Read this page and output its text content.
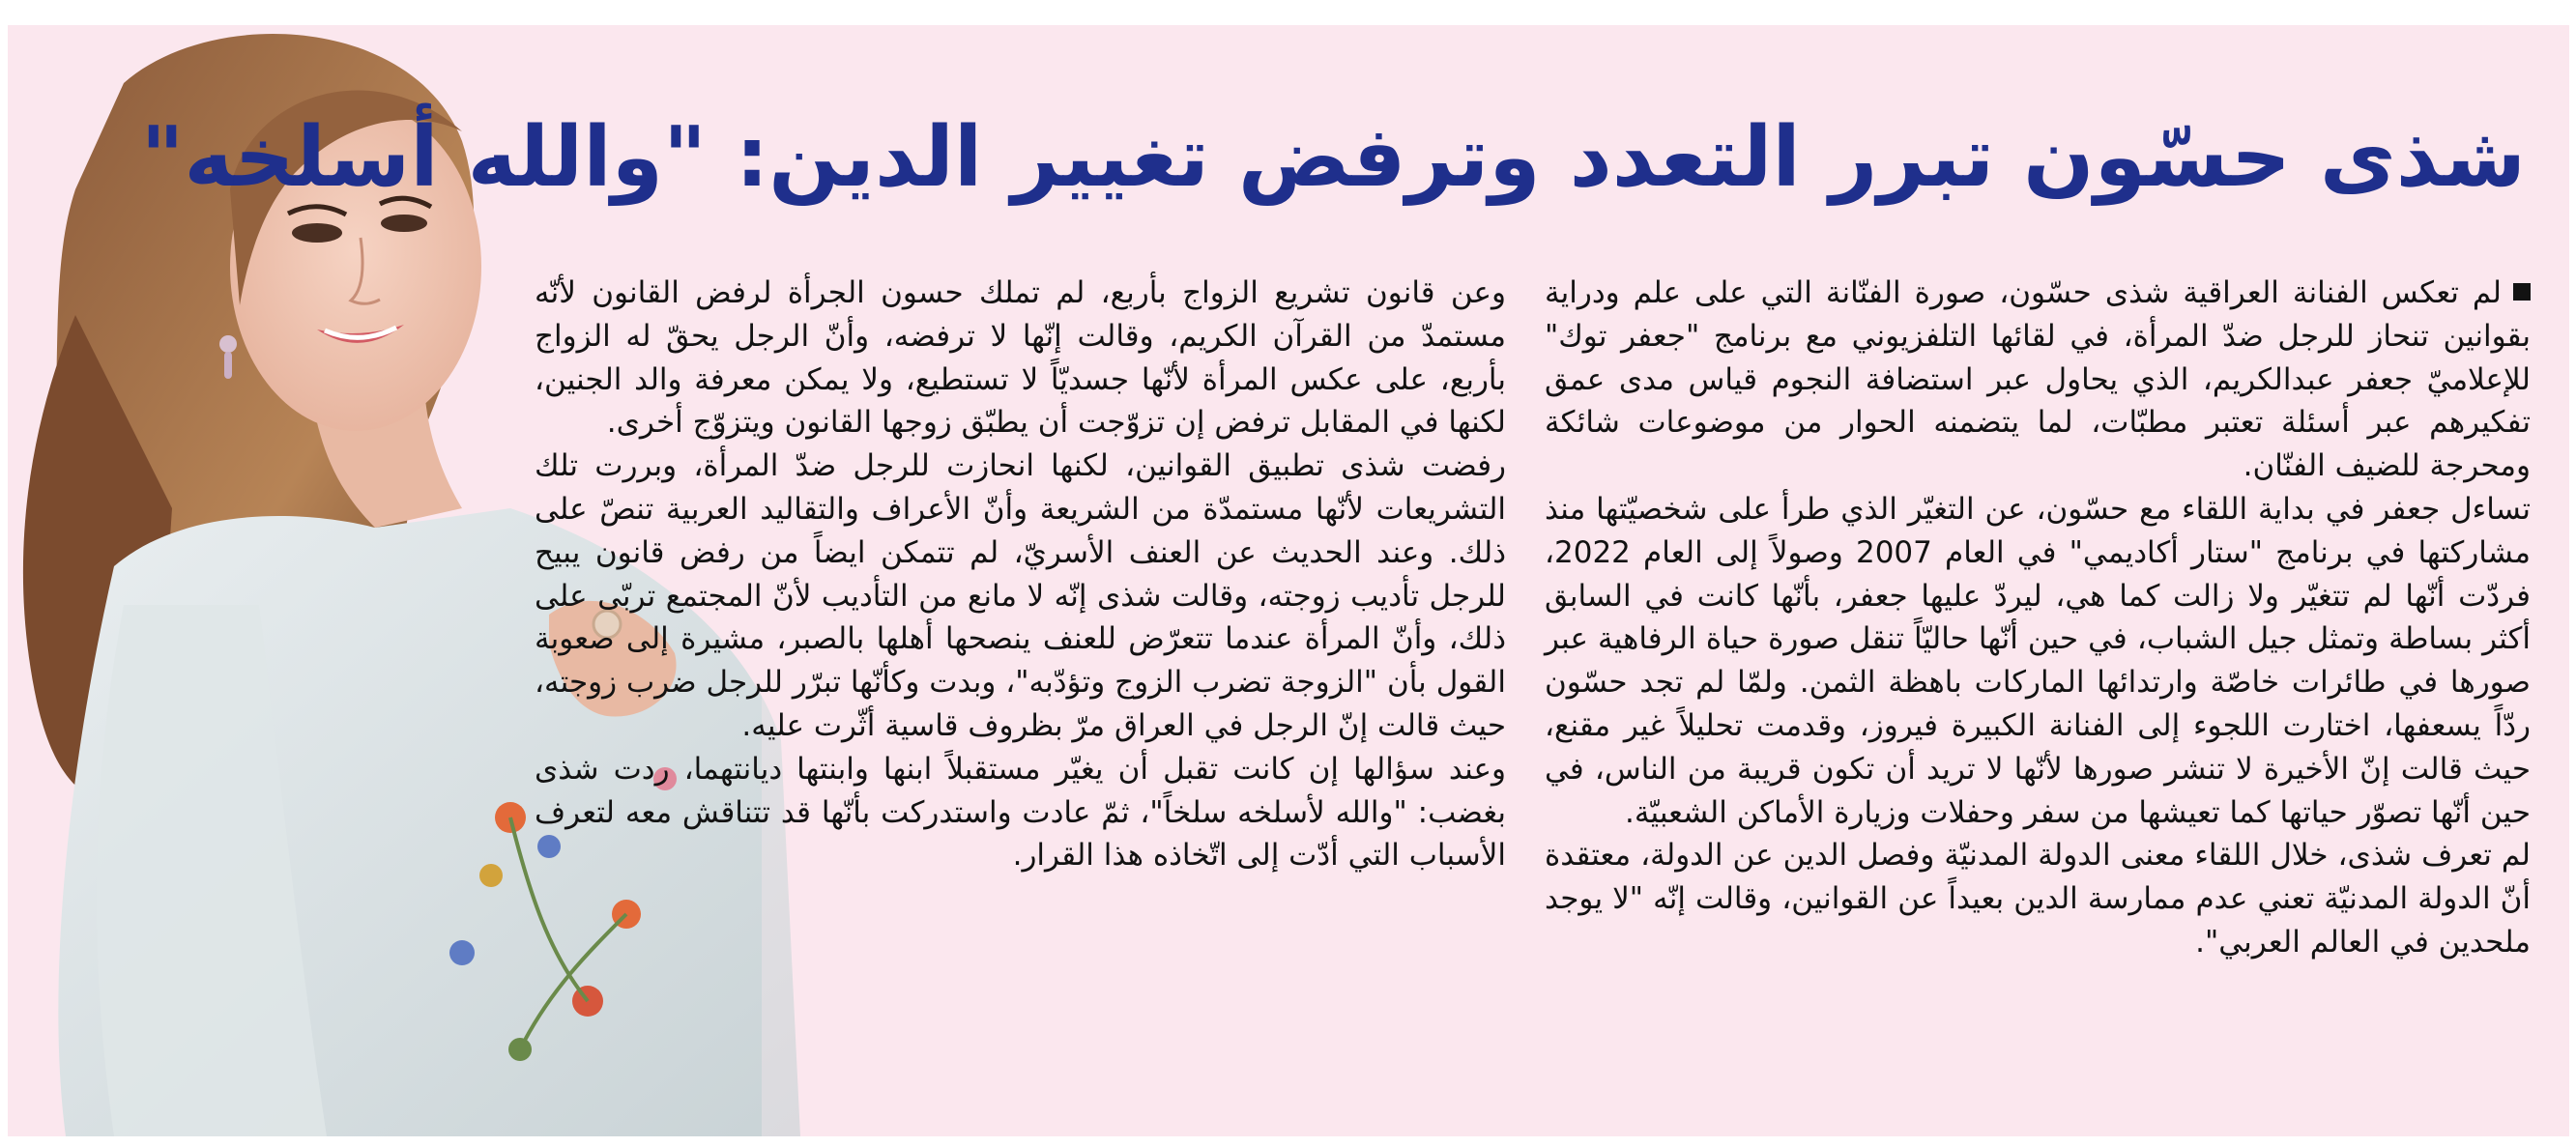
شذى حسّون تبرر التعدد وترفض تغيير الدين: "والله أسلخه"

لم تعكس الفنانة العراقية شذى حسّون، صورة الفنّانة التي على علم ودراية بقوانين تنحاز للرجل ضدّ المرأة، في لقائها التلفزيوني مع برنامج "جعفر توك" للإعلاميّ جعفر عبدالكريم، الذي يحاول عبر استضافة النجوم قياس مدى عمق تفكيرهم عبر أسئلة تعتبر مطبّات، لما يتضمنه الحوار من موضوعات شائكة ومحرجة للضيف الفنّان.

تساءل جعفر في بداية اللقاء مع حسّون، عن التغيّر الذي طرأ على شخصيّتها منذ مشاركتها في برنامج "ستار أكاديمي" في العام 2007 وصولاً إلى العام 2022، فردّت أنّها لم تتغيّر ولا زالت كما هي، ليردّ عليها جعفر، بأنّها كانت في السابق أكثر بساطة وتمثل جيل الشباب، في حين أنّها حاليّاً تنقل صورة حياة الرفاهية عبر صورها في طائرات خاصّة وارتدائها الماركات باهظة الثمن. ولمّا لم تجد حسّون ردّاً يسعفها، اختارت اللجوء إلى الفنانة الكبيرة فيروز، وقدمت تحليلاً غير مقنع، حيث قالت إنّ الأخيرة لا تنشر صورها لأنّها لا تريد أن تكون قريبة من الناس، في حين أنّها تصوّر حياتها كما تعيشها من سفر وحفلات وزيارة الأماكن الشعبيّة.

لم تعرف شذى، خلال اللقاء معنى الدولة المدنيّة وفصل الدين عن الدولة، معتقدة أنّ الدولة المدنيّة تعني عدم ممارسة الدين بعيداً عن القوانين، وقالت إنّه "لا يوجد ملحدين في العالم العربي".

وعن قانون تشريع الزواج بأربع، لم تملك حسون الجرأة لرفض القانون لأنّه مستمدّ من القرآن الكريم، وقالت إنّها لا ترفضه، وأنّ الرجل يحقّ له الزواج بأربع، على عكس المرأة لأنّها جسديّاً لا تستطيع، ولا يمكن معرفة والد الجنين، لكنها في المقابل ترفض إن تزوّجت أن يطبّق زوجها القانون ويتزوّج أخرى.

رفضت شذى تطبيق القوانين، لكنها انحازت للرجل ضدّ المرأة، وبررت تلك التشريعات لأنّها مستمدّة من الشريعة وأنّ الأعراف والتقاليد العربية تنصّ على ذلك. وعند الحديث عن العنف الأسريّ، لم تتمكن ايضاً من رفض قانون يبيح للرجل تأديب زوجته، وقالت شذى إنّه لا مانع من التأديب لأنّ المجتمع تربّى على ذلك، وأنّ المرأة عندما تتعرّض للعنف ينصحها أهلها بالصبر، مشيرة إلى صعوبة القول بأن "الزوجة تضرب الزوج وتؤدّبه"، وبدت وكأنّها تبرّر للرجل ضرب زوجته، حيث قالت إنّ الرجل في العراق مرّ بظروف قاسية أثّرت عليه.

وعند سؤالها إن كانت تقبل أن يغيّر مستقبلاً ابنها وابنتها ديانتهما، ردت شذى بغضب: "والله لأسلخه سلخاً"، ثمّ عادت واستدركت بأنّها قد تتناقش معه لتعرف الأسباب التي أدّت إلى اتّخاذه هذا القرار.
